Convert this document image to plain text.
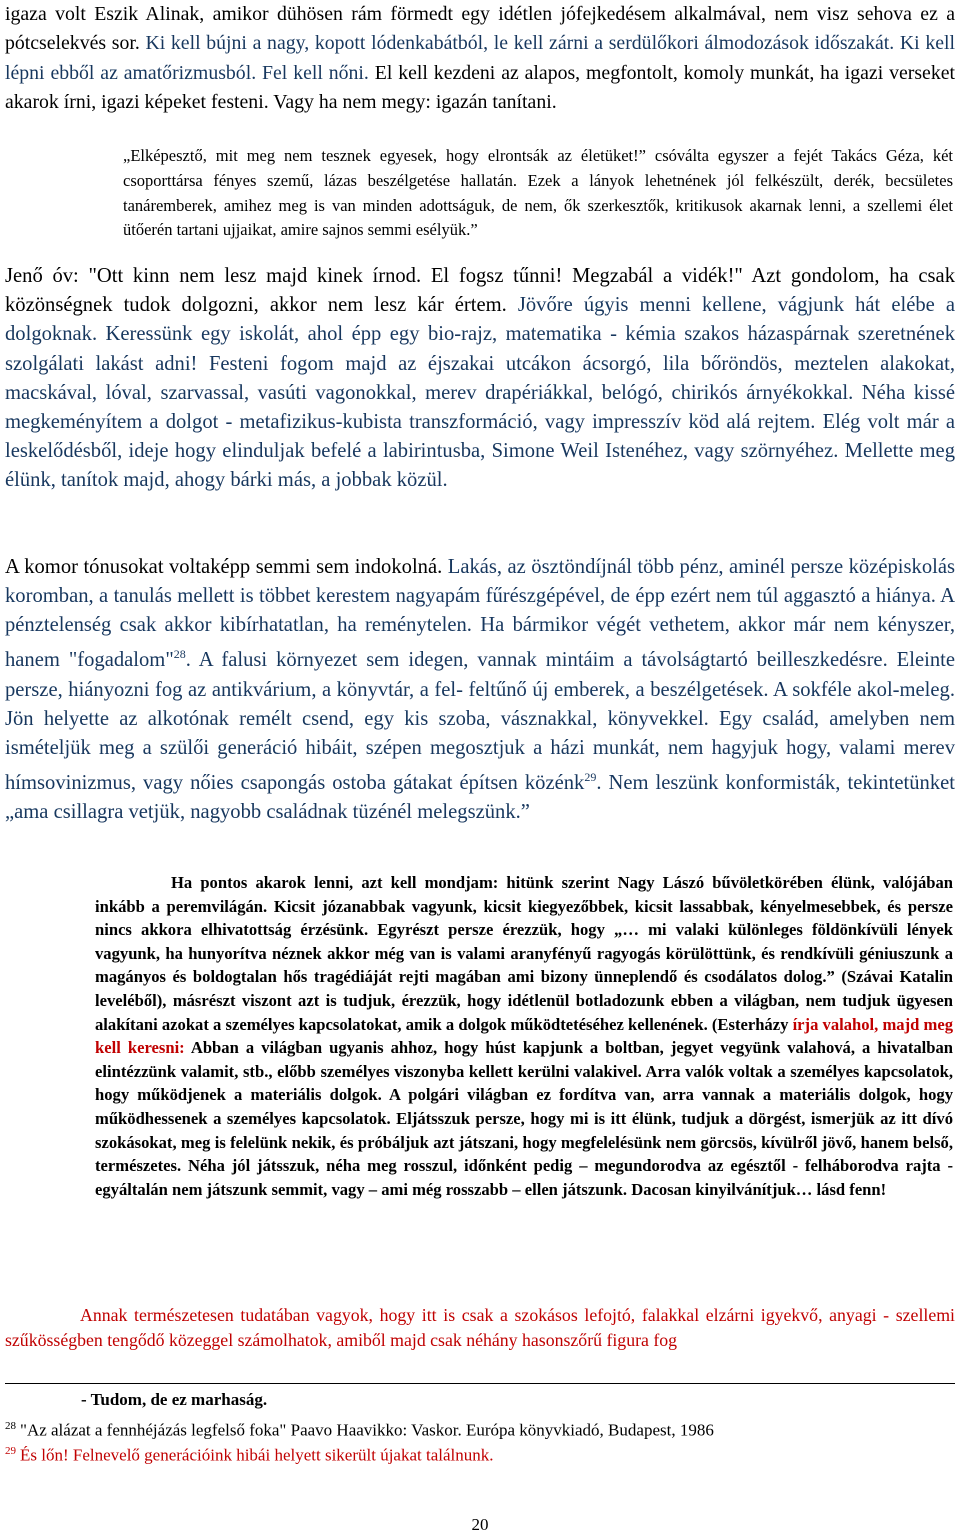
igaza volt Eszik Alinak, amikor dühösen rám förmedt egy idétlen jófejkedésem alkalmával, nem visz sehova ez a pótcselekvés sor. Ki kell bújni a nagy, kopott lódenkabátból, le kell zárni a serdülőkori álmodozások időszakát. Ki kell lépni ebből az amatőrizmusból. Fel kell nőni. El kell kezdeni az alapos, megfontolt, komoly munkát, ha igazi verseket akarok írni, igazi képeket festeni. Vagy ha nem megy: igazán tanítani.

„Elképesztő, mit meg nem tesznek egyesek, hogy elrontsák az életüket!” csóválta egyszer a fejét Takács Géza, két csoporttársa fényes szemű, lázas beszélgetése hallatán. Ezek a lányok lehetnének jól felkészült, derék, becsületes tanáremberek, amihez meg is van minden adottságuk, de nem, ők szerkesztők, kritikusok akarnak lenni, a szellemi élet ütőerén tartani ujjaikat, amire sajnos semmi esélyük.”

Jenő óv: "Ott kinn nem lesz majd kinek írnod. El fogsz tűnni! Megzabál a vidék!" Azt gondolom, ha csak közönségnek tudok dolgozni, akkor nem lesz kár értem. Jövőre úgyis menni kellene, vágjunk hát elébe a dolgoknak. Keressünk egy iskolát, ahol épp egy bio-rajz, matematika - kémia szakos házaspárnak szeretnének szolgálati lakást adni! Festeni fogom majd az éjszakai utcákon ácsorgó, lila bőröndös, meztelen alakokat, macskával, lóval, szarvassal, vasúti vagonokkal, merev drapériákkal, belógó, chirikós árnyékokkal. Néha kissé megkeményítem a dolgot - metafizikus-kubista transzformáció, vagy impresszív köd alá rejtem. Elég volt már a leskelődésből, ideje hogy elinduljak befelé a labirintusba, Simone Weil Istenéhez, vagy szörnyéhez. Mellette meg élünk, tanítok majd, ahogy bárki más, a jobbak közül.

A komor tónusokat voltaképp semmi sem indokolná. Lakás, az ösztöndíjnál több pénz, aminél persze középiskolás koromban, a tanulás mellett is többet kerestem nagyapám fűrészgépével, de épp ezért nem túl aggasztó a hiánya. A pénztelenség csak akkor kibírhatatlan, ha reménytelen. Ha bármikor végét vethetem, akkor már nem kényszer, hanem "fogadalom"$^{28}$. A falusi környezet sem idegen, vannak mintáim a távolságtartó beilleszkedésre. Eleinte persze, hiányozni fog az antikvárium, a könyvtár, a fel- feltűnő új emberek, a beszélgetések. A sokféle akol-meleg. Jön helyette az alkotónak remélt csend, egy kis szoba, vásznakkal, könyvekkel. Egy család, amelyben nem ismételjük meg a szülői generáció hibáit, szépen megosztjuk a házi munkát, nem hagyjuk hogy, valami merev hímsovinizmus, vagy nőies csapongás ostoba gátakat építsen közénk$^{29}$. Nem leszünk konformisták, tekintetünket „ama csillagra vetjük, nagyobb családnak tüzénél melegszünk.”

Ha pontos akarok lenni, azt kell mondjam: hitünk szerint Nagy Lászó bűvöletkörében élünk, valójában inkább a peremvilágán. Kicsit józanabbak vagyunk, kicsit kiegyezőbbek, kicsit lassabbak, kényelmesebbek, és persze nincs akkora elhivatottság érzésünk. Egyrészt persze érezzük, hogy „… mi valaki különleges földönkívüli lények vagyunk, ha hunyorítva néznek akkor még van is valami aranyfényű ragyogás körülöttünk, és rendkívüli géniuszunk a magányos és boldogtalan hős tragédiáját rejti magában ami bizony ünneplendő és csodálatos dolog.” (Szávai Katalin leveléből), másrészt viszont azt is tudjuk, érezzük, hogy idétlenül botladozunk ebben a világban, nem tudjuk ügyesen alakítani azokat a személyes kapcsolatokat, amik a dolgok működtetéséhez kellenének. (Esterházy írja valahol, majd meg kell keresni: Abban a világban ugyanis ahhoz, hogy húst kapjunk a boltban, jegyet vegyünk valahová, a hivatalban elintézzünk valamit, stb., előbb személyes viszonyba kellett kerülni valakivel. Arra valók voltak a személyes kapcsolatok, hogy működjenek a materiális dolgok. A polgári világban ez fordítva van, arra vannak a materiális dolgok, hogy működhessenek a személyes kapcsolatok. Eljátsszuk persze, hogy mi is itt élünk, tudjuk a dörgést, ismerjük az itt dívó szokásokat, meg is felelünk nekik, és próbáljuk azt játszani, hogy megfelelésünk nem görcsös, kívülről jövő, hanem belső, természetes. Néha jól játsszuk, néha meg rosszul, időnként pedig – megundorodva az egésztől - felháborodva rajta - egyáltalán nem játszunk semmit, vagy – ami még rosszabb – ellen játszunk. Dacosan kinyilvánítjuk… lásd fenn!

Annak természetesen tudatában vagyok, hogy itt is csak a szokásos lefojtó, falakkal elzárni igyekvő, anyagi - szellemi szűkösségben tengődő közeggel számolhatok, amiből majd csak néhány hasonszőrű figura fog

- Tudom, de ez marhaság.
$^{28}$ "Az alázat a fennhéjázás legfelső foka" Paavo Haavikko: Vaskor. Európa könyvkiadó, Budapest, 1986
$^{29}$ És lőn! Felnevelő generációink hibái helyett sikerült újakat találnunk.
20
